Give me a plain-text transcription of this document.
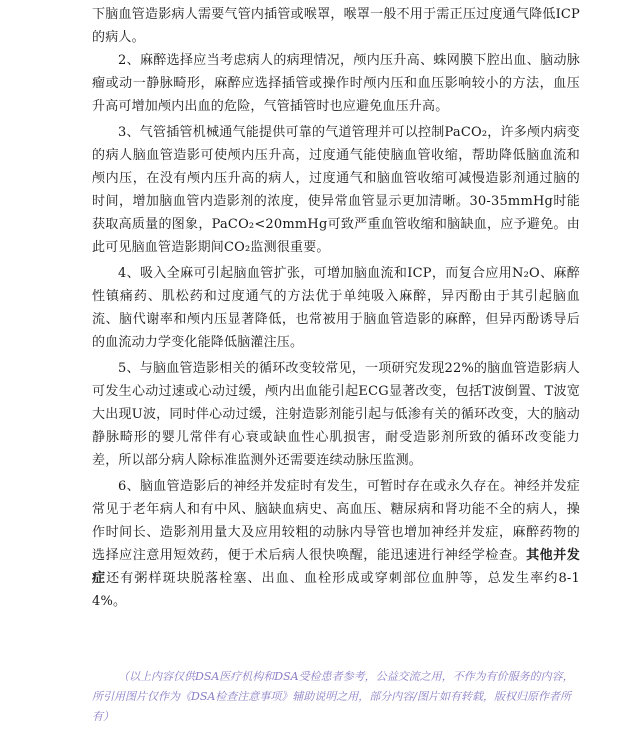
下脑血管造影病人需要气管内插管或喉罩，喉罩一般不用于需正压过度通气降低ICP的病人。

2、麻醉选择应当考虑病人的病理情况，颅内压升高、蛛网膜下腔出血、脑动脉瘤或动一静脉畸形，麻醉应选择插管或操作时颅内压和血压影响较小的方法，血压升高可增加颅内出血的危险，气管插管时也应避免血压升高。

3、气管插管机械通气能提供可靠的气道管理并可以控制PaCO₂，许多颅内病变的病人脑血管造影可使颅内压升高，过度通气能使脑血管收缩，帮助降低脑血流和颅内压，在没有颅内压升高的病人，过度通气和脑血管收缩可减慢造影剂通过脑的时间，增加脑血管内造影剂的浓度，使异常血管显示更加清晰。30-35mmHg时能获取高质量的图象，PaCO₂<20mmHg可致严重血管收缩和脑缺血，应予避免。由此可见脑血管造影期间CO₂监测很重要。

4、吸入全麻可引起脑血管扩张，可增加脑血流和ICP，而复合应用N₂O、麻醉性镇痛药、肌松药和过度通气的方法优于单纯吸入麻醉，异丙酚由于其引起脑血流、脑代谢率和颅内压显著降低，也常被用于脑血管造影的麻醉，但异丙酚诱导后的血流动力学变化能降低脑灌注压。

5、与脑血管造影相关的循环改变较常见，一项研究发现22%的脑血管造影病人可发生心动过速或心动过缓，颅内出血能引起ECG显著改变，包括T波倒置、T波宽大出现U波，同时伴心动过缓，注射造影剂能引起与低渗有关的循环改变，大的脑动静脉畸形的婴儿常伴有心衰或缺血性心肌损害，耐受造影剂所致的循环改变能力差，所以部分病人除标准监测外还需要连续动脉压监测。

6、脑血管造影后的神经并发症时有发生，可暂时存在或永久存在。神经并发症常见于老年病人和有中风、脑缺血病史、高血压、糖尿病和肾功能不全的病人，操作时间长、造影剂用量大及应用较粗的动脉内导管也增加神经并发症，麻醉药物的选择应注意用短效药，便于术后病人很快唤醒，能迅速进行神经学检查。其他并发症还有粥样斑块脱落栓塞、出血、血栓形成或穿刺部位血肿等，总发生率约8-14%。

（以上内容仅供DSA医疗机构和DSA受检患者参考，公益交流之用，不作为有价服务的内容，所引用图片仅作为《DSA检查注意事项》辅助说明之用，部分内容/图片如有转载，版权归原作者所有）
